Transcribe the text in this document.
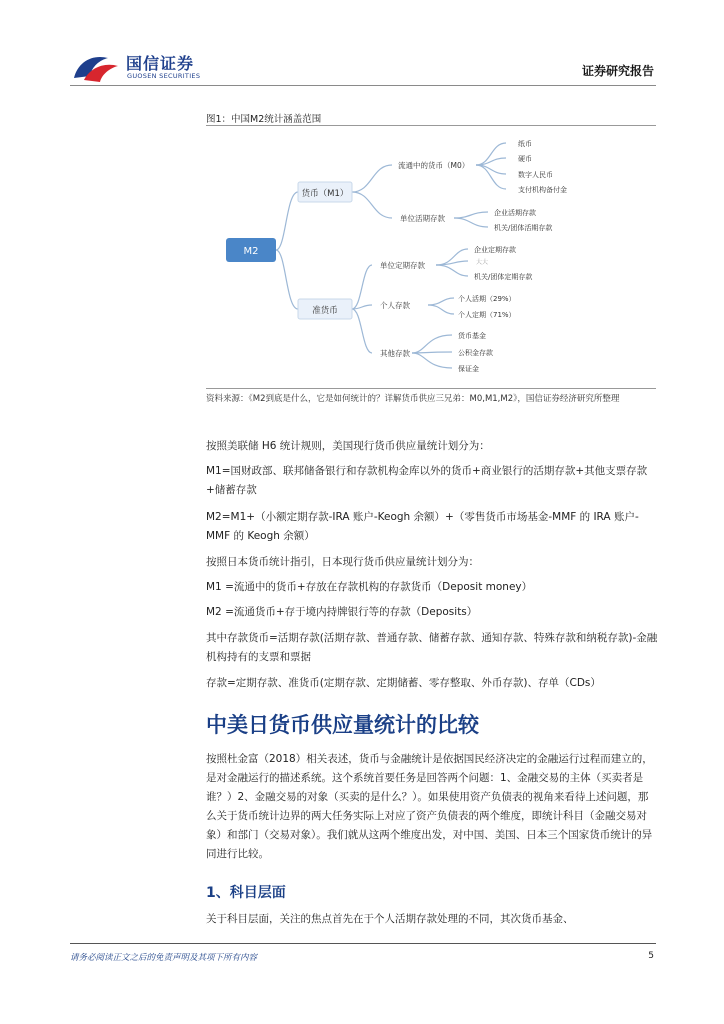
国信证券
GUOSEN SECURITIES	证券研究报告
图1：中国M2统计涵盖范围
M2
货币（M1）
准货币
流通中的货币（M0）
单位活期存款
纸币
硬币
数字人民币
支付机构备付金
企业活期存款
机关/团体活期存款
单位定期存款
个人存款
其他存款
企业定期存款
大大
机关/团体定期存款
个人活期（29%）
个人定期（71%）
货币基金
公积金存款
保证金
资料来源：《M2到底是什么，它是如何统计的？详解货币供应三兄弟：M0,M1,M2》，国信证券经济研究所整理
按照美联储 H6 统计规则，美国现行货币供应量统计划分为：
M1=国财政部、联邦储备银行和存款机构金库以外的货币+商业银行的活期存款+其他支票存款+储蓄存款
M2=M1+（小额定期存款-IRA 账户-Keogh 余额）+（零售货币市场基金-MMF 的 IRA 账户-MMF 的 Keogh 余额）
按照日本货币统计指引，日本现行货币供应量统计划分为：
M1 =流通中的货币+存放在存款机构的存款货币（Deposit money）
M2 =流通货币+存于境内持牌银行等的存款（Deposits）
其中存款货币=活期存款(活期存款、普通存款、储蓄存款、通知存款、特殊存款和纳税存款)-金融机构持有的支票和票据
存款=定期存款、准货币(定期存款、定期储蓄、零存整取、外币存款)、存单（CDs）
中美日货币供应量统计的比较
按照杜金富（2018）相关表述，货币与金融统计是依据国民经济决定的金融运行过程而建立的，是对金融运行的描述系统。这个系统首要任务是回答两个问题：1、金融交易的主体（买卖者是谁？）2、金融交易的对象（买卖的是什么？）。如果使用资产负债表的视角来看待上述问题，那么关于货币统计边界的两大任务实际上对应了资产负债表的两个维度，即统计科目（金融交易对象）和部门（交易对象）。我们就从这两个维度出发，对中国、美国、日本三个国家货币统计的异同进行比较。
1、科目层面
关于科目层面，关注的焦点首先在于个人活期存款处理的不同，其次货币基金、
请务必阅读正文之后的免责声明及其项下所有内容	5
